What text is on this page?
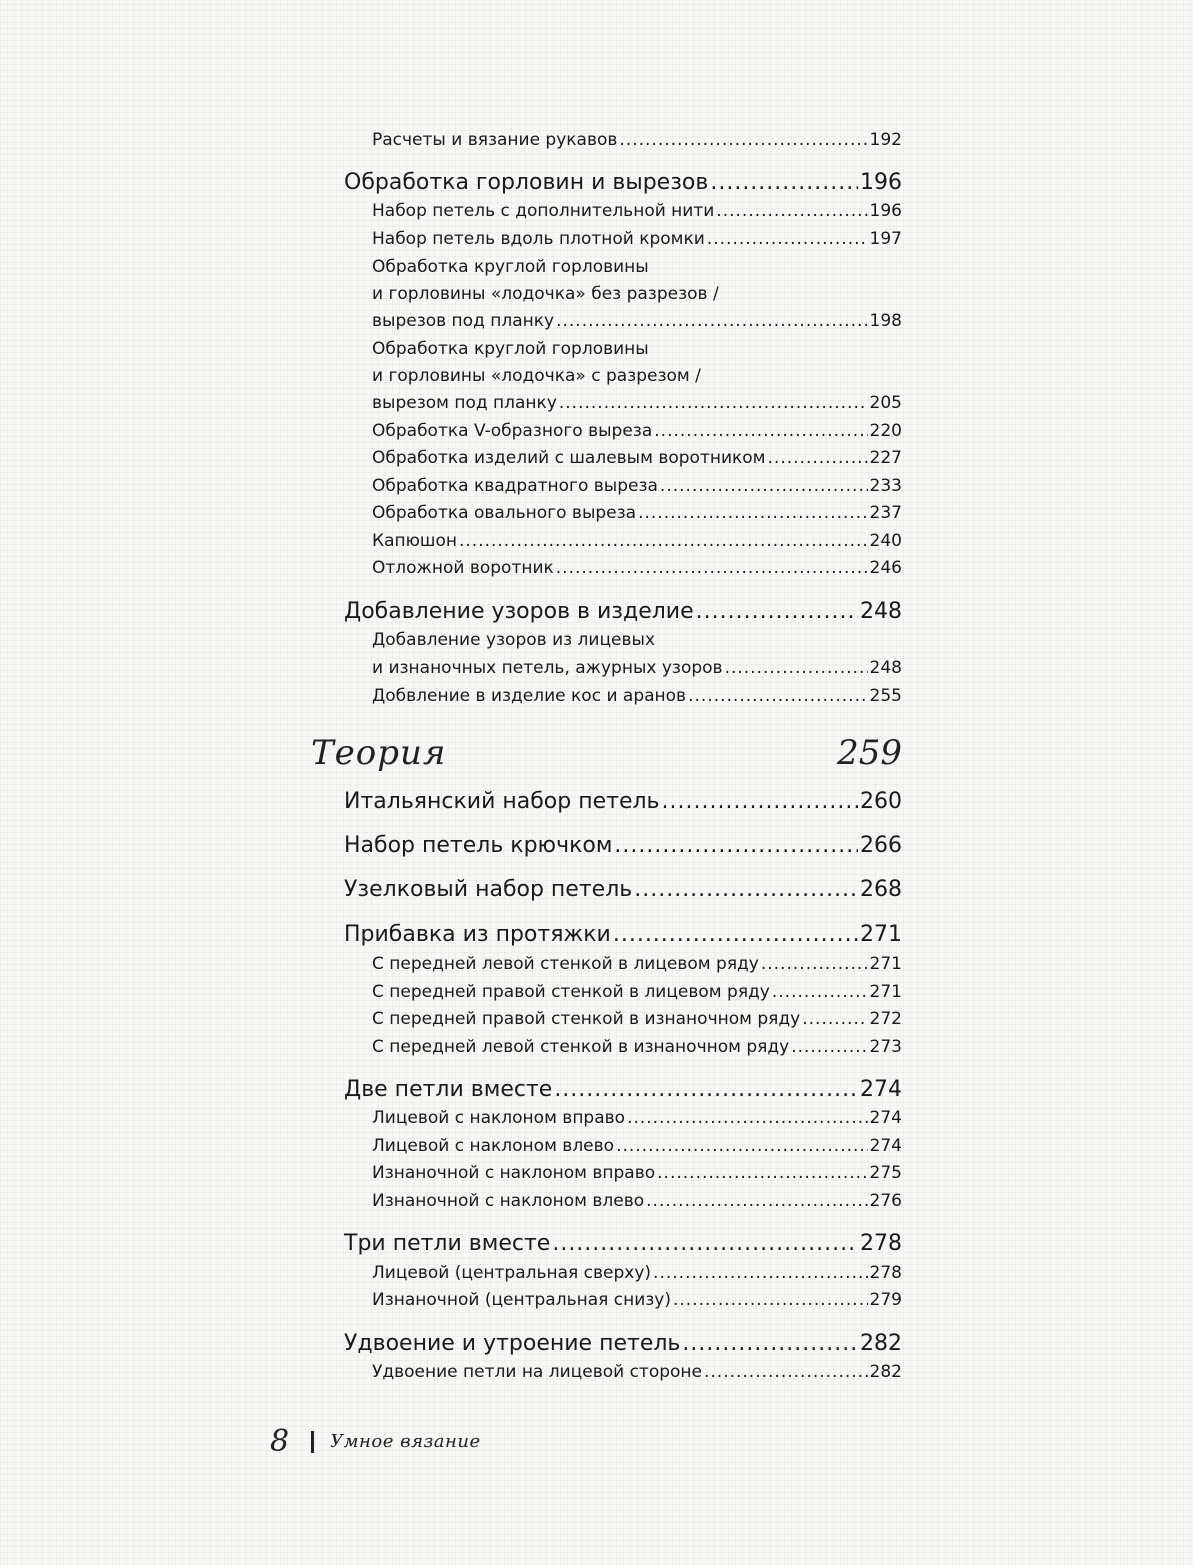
Расчеты и вязание рукавов .....	192
Обработка горловин и вырезов .....	196
Набор петель с дополнительной нити .....	196
Набор петель вдоль плотной кромки .....	197
Обработка круглой горловины
и горловины «лодочка» без разрезов /
вырезов под планку .....	198
Обработка круглой горловины
и горловины «лодочка» с разрезом /
вырезом под планку .....	205
Обработка V-образного выреза .....	220
Обработка изделий с шалевым воротником .....	227
Обработка квадратного выреза .....	233
Обработка овального выреза .....	237
Капюшон .....	240
Отложной воротник .....	246
Добавление узоров в изделие .....	248
Добавление узоров из лицевых
и изнаночных петель, ажурных узоров .....	248
Добвление в изделие кос и аранов .....	255
Теория	259
Итальянский набор петель .....	260
Набор петель крючком .....	266
Узелковый набор петель .....	268
Прибавка из протяжки .....	271
С передней левой стенкой в лицевом ряду .....	271
С передней правой стенкой в лицевом ряду .....	271
С передней правой стенкой в изнаночном ряду .....	272
С передней левой стенкой в изнаночном ряду .....	273
Две петли вместе .....	274
Лицевой с наклоном вправо .....	274
Лицевой с наклоном влево .....	274
Изнаночной с наклоном вправо .....	275
Изнаночной с наклоном влево .....	276
Три петли вместе .....	278
Лицевой (центральная сверху) .....	278
Изнаночной (центральная снизу) .....	279
Удвоение и утроение петель .....	282
Удвоение петли на лицевой стороне .....	282
8 Умное вязание
